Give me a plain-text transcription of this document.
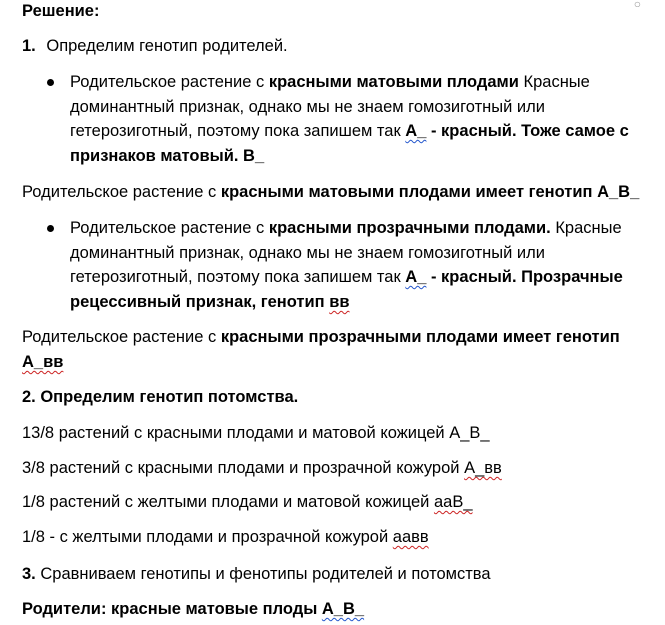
○
Решение:
1. Определим генотип родителей.
Родительское растение с красными матовыми плодами Красные
доминантный признак, однако мы не знаем гомозиготный или
гетерозиготный, поэтому пока запишем так А_ - красный. Тоже самое с
признаков матовый. В_
Родительское растение с красными матовыми плодами имеет генотип А_В_
Родительское растение с красными прозрачными плодами. Красные
доминантный признак, однако мы не знаем гомозиготный или
гетерозиготный, поэтому пока запишем так А_ - красный. Прозрачные
рецессивный признак, генотип вв
Родительское растение с красными прозрачными плодами имеет генотип
А_вв
2. Определим генотип потомства.
13/8 растений с красными плодами и матовой кожицей А_В_
3/8 растений с красными плодами и прозрачной кожурой А_вв
1/8 растений с желтыми плодами и матовой кожицей ааВ_
1/8 - с желтыми плодами и прозрачной кожурой аавв
3. Сравниваем генотипы и фенотипы родителей и потомства
Родители: красные матовые плоды А_В_
